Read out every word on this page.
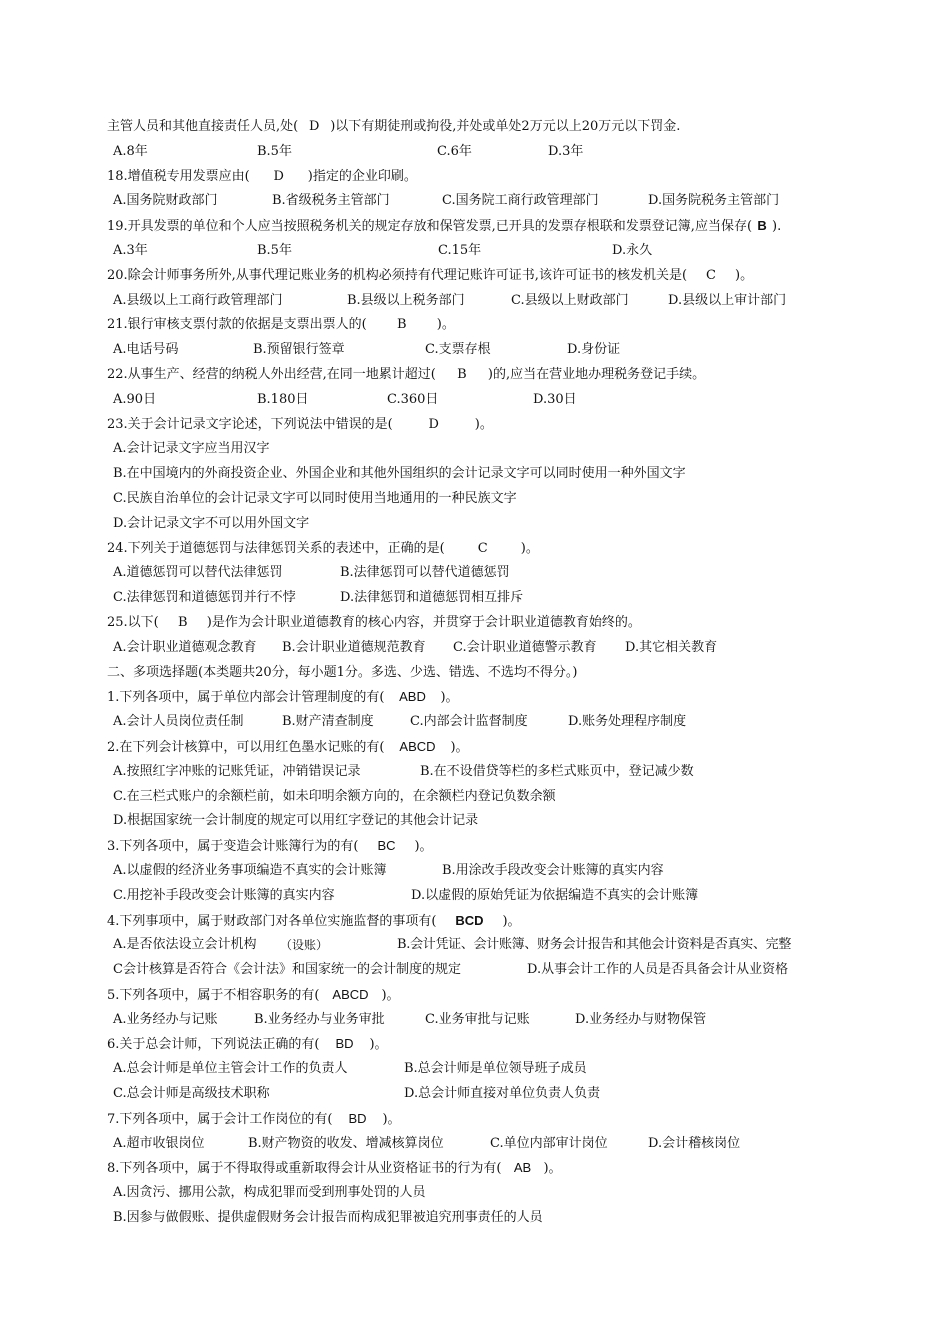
主管人员和其他直接责任人员,处( D )以下有期徒刑或拘役,并处或单处2万元以上20万元以下罚金.
A.8年	B.5年	C.6年	D.3年
18.增值税专用发票应由( D )指定的企业印刷。
A.国务院财政部门	B.省级税务主管部门	C.国务院工商行政管理部门	D.国务院税务主管部门
19.开具发票的单位和个人应当按照税务机关的规定存放和保管发票,已开具的发票存根联和发票登记簿,应当保存( B ).
A.3年	B.5年	C.15年	D.永久
20.除会计师事务所外,从事代理记账业务的机构必须持有代理记账许可证书,该许可证书的核发机关是( C )。
A.县级以上工商行政管理部门	B.县级以上税务部门	C.县级以上财政部门	D.县级以上审计部门
21.银行审核支票付款的依据是支票出票人的( B )。
A.电话号码	B.预留银行签章	C.支票存根	D.身份证
22.从事生产、经营的纳税人外出经营,在同一地累计超过( B )的,应当在营业地办理税务登记手续。
A.90日	B.180日	C.360日	D.30日
23.关于会计记录文字论述，下列说法中错误的是(	D	)。
A.会计记录文字应当用汉字
B.在中国境内的外商投资企业、外国企业和其他外国组织的会计记录文字可以同时使用一种外国文字
C.民族自治单位的会计记录文字可以同时使用当地通用的一种民族文字
D.会计记录文字不可以用外国文字
24.下列关于道德惩罚与法律惩罚关系的表述中，正确的是(	C	)。
A.道德惩罚可以替代法律惩罚	B.法律惩罚可以替代道德惩罚
C.法律惩罚和道德惩罚并行不悖	D.法律惩罚和道德惩罚相互排斥
25.以下( B )是作为会计职业道德教育的核心内容，并贯穿于会计职业道德教育始终的。
A.会计职业道德观念教育 B.会计职业道德规范教育 C.会计职业道德警示教育 D.其它相关教育
二、多项选择题(本类题共20分，每小题1分。多选、少选、错选、不选均不得分。)
1.下列各项中，属于单位内部会计管理制度的有( ABD )。
A.会计人员岗位责任制	B.财产清查制度	C.内部会计监督制度	D.账务处理程序制度
2.在下列会计核算中，可以用红色墨水记账的有( ABCD )。
A.按照红字冲账的记账凭证，冲销错误记录	B.在不设借贷等栏的多栏式账页中，登记减少数
C.在三栏式账户的余额栏前，如未印明余额方向的，在余额栏内登记负数余额
D.根据国家统一会计制度的规定可以用红字登记的其他会计记录
3.下列各项中，属于变造会计账簿行为的有( BC )。
A.以虚假的经济业务事项编造不真实的会计账簿	B.用涂改手段改变会计账簿的真实内容
C.用挖补手段改变会计账簿的真实内容	D.以虚假的原始凭证为依据编造不真实的会计账簿
4.下列事项中，属于财政部门对各单位实施监督的事项有( BCD )。
A.是否依法设立会计机构 （设账）	B.会计凭证、会计账簿、财务会计报告和其他会计资料是否真实、完整
C会计核算是否符合《会计法》和国家统一的会计制度的规定	D.从事会计工作的人员是否具备会计从业资格
5.下列各项中，属于不相容职务的有( ABCD )。
A.业务经办与记账	B.业务经办与业务审批	C.业务审批与记账	D.业务经办与财物保管
6.关于总会计师，下列说法正确的有( BD )。
A.总会计师是单位主管会计工作的负责人	B.总会计师是单位领导班子成员
C.总会计师是高级技术职称	D.总会计师直接对单位负责人负责
7.下列各项中，属于会计工作岗位的有( BD )。
A.超市收银岗位	B.财产物资的收发、增减核算岗位	C.单位内部审计岗位	D.会计稽核岗位
8.下列各项中，属于不得取得或重新取得会计从业资格证书的行为有( AB )。
A.因贪污、挪用公款，构成犯罪而受到刑事处罚的人员
B.因参与做假账、提供虚假财务会计报告而构成犯罪被追究刑事责任的人员
